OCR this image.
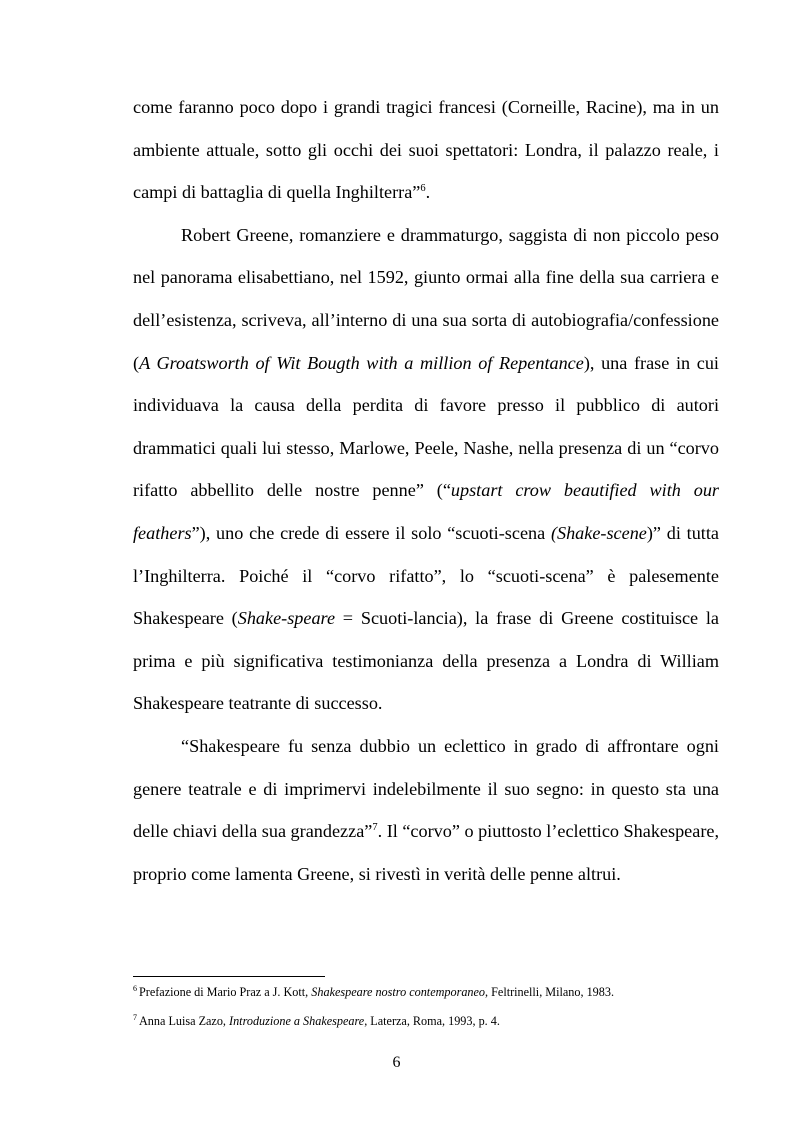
come faranno poco dopo i grandi tragici francesi (Corneille, Racine), ma in un ambiente attuale, sotto gli occhi dei suoi spettatori: Londra, il palazzo reale, i campi di battaglia di quella Inghilterra”$^6$.

Robert Greene, romanziere e drammaturgo, saggista di non piccolo peso nel panorama elisabettiano, nel 1592, giunto ormai alla fine della sua carriera e dell’esistenza, scriveva, all’interno di una sua sorta di autobiografia/confessione (A Groatsworth of Wit Bougth with a million of Repentance), una frase in cui individuava la causa della perdita di favore presso il pubblico di autori drammatici quali lui stesso, Marlowe, Peele, Nashe, nella presenza di un “corvo rifatto abbellito delle nostre penne” (“upstart crow beautified with our feathers”), uno che crede di essere il solo “scuoti-scena (Shake-scene)” di tutta l’Inghilterra. Poiché il “corvo rifatto”, lo “scuoti-scena” è palesemente Shakespeare (Shake-speare = Scuoti-lancia), la frase di Greene costituisce la prima e più significativa testimonianza della presenza a Londra di William Shakespeare teatrante di successo.

“Shakespeare fu senza dubbio un eclettico in grado di affrontare ogni genere teatrale e di imprimervi indelebilmente il suo segno: in questo sta una delle chiavi della sua grandezza”$^7$. Il “corvo” o piuttosto l’eclettico Shakespeare, proprio come lamenta Greene, si rivestì in verità delle penne altrui.

$^6$ Prefazione di Mario Praz a J. Kott, Shakespeare nostro contemporaneo, Feltrinelli, Milano, 1983.

$^7$ Anna Luisa Zazo, Introduzione a Shakespeare, Laterza, Roma, 1993, p. 4.

6
